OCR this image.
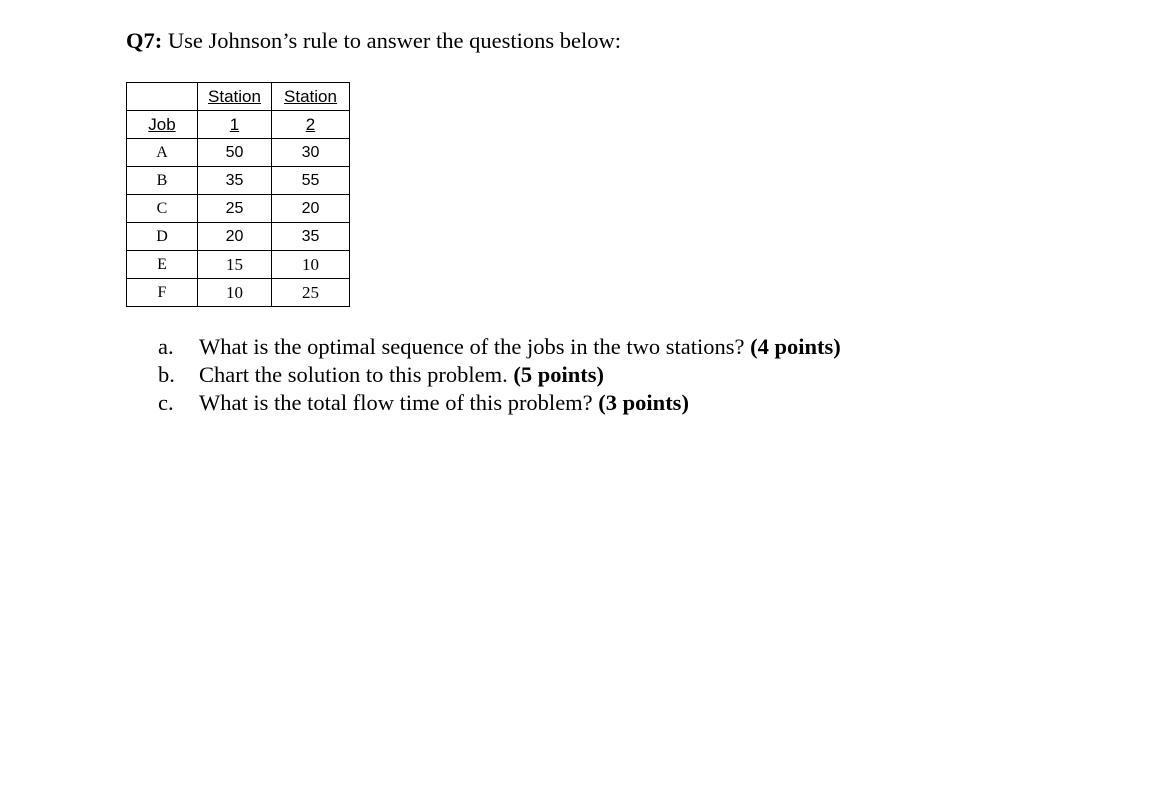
Q7: Use Johnson’s rule to answer the questions below:
	Station	Station
Job	1	2
A	50	30
B	35	55
C	25	20
D	20	35
E	15	10
F	10	25
a. What is the optimal sequence of the jobs in the two stations? (4 points)
b. Chart the solution to this problem. (5 points)
c. What is the total flow time of this problem? (3 points)
